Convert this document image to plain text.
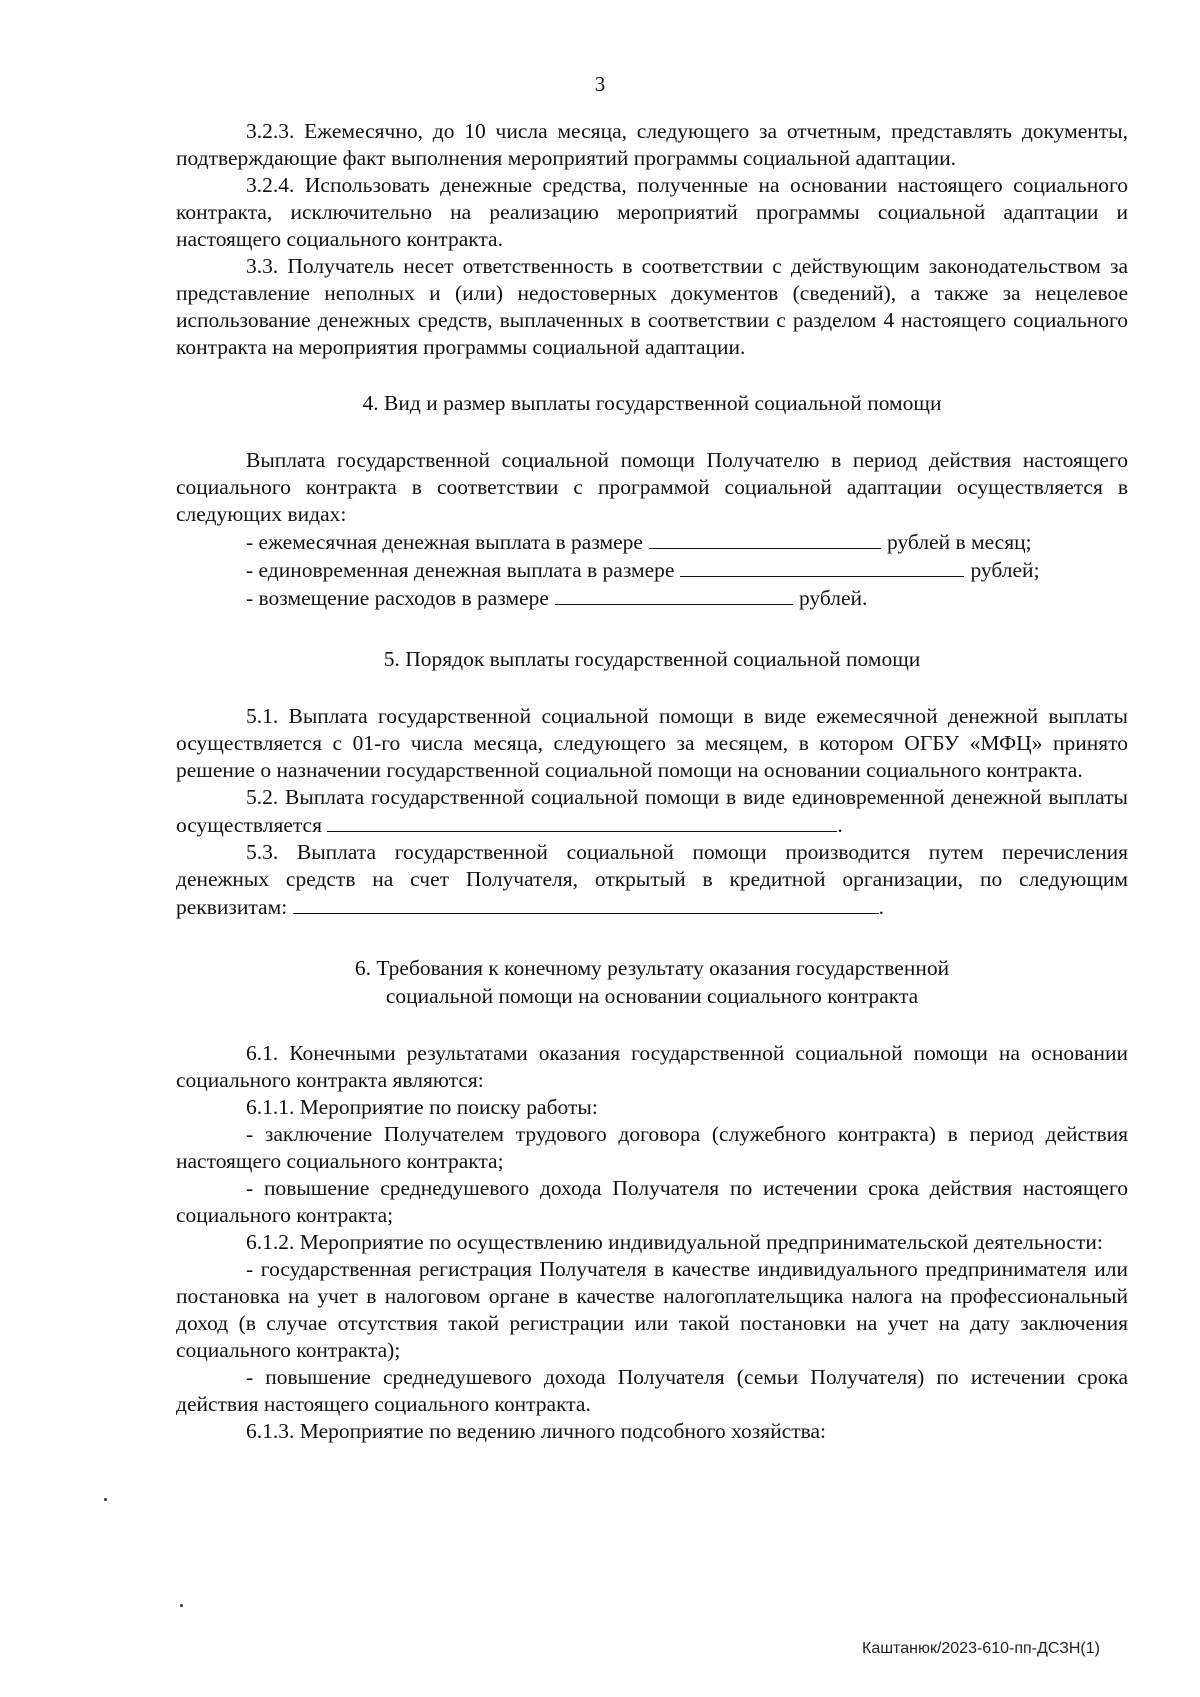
3

3.2.3. Ежемесячно, до 10 числа месяца, следующего за отчетным, представлять документы, подтверждающие факт выполнения мероприятий программы социальной адаптации.

3.2.4. Использовать денежные средства, полученные на основании настоящего социального контракта, исключительно на реализацию мероприятий программы социальной адаптации и настоящего социального контракта.

3.3. Получатель несет ответственность в соответствии с действующим законодательством за представление неполных и (или) недостоверных документов (сведений), а также за нецелевое использование денежных средств, выплаченных в соответствии с разделом 4 настоящего социального контракта на мероприятия программы социальной адаптации.

4. Вид и размер выплаты государственной социальной помощи

Выплата государственной социальной помощи Получателю в период действия настоящего социального контракта в соответствии с программой социальной адаптации осуществляется в следующих видах:

- ежемесячная денежная выплата в размере	рублей в месяц;
- единовременная денежная выплата в размере	рублей;
- возмещение расходов в размере	рублей.

5. Порядок выплаты государственной социальной помощи

5.1. Выплата государственной социальной помощи в виде ежемесячной денежной выплаты осуществляется с 01-го числа месяца, следующего за месяцем, в котором ОГБУ «МФЦ» принято решение о назначении государственной социальной помощи на основании социального контракта.

5.2. Выплата государственной социальной помощи в виде единовременной денежной выплаты осуществляется	.

5.3. Выплата государственной социальной помощи производится путем перечисления денежных средств на счет Получателя, открытый в кредитной организации, по следующим реквизитам:	.

6. Требования к конечному результату оказания государственной
социальной помощи на основании социального контракта

6.1. Конечными результатами оказания государственной социальной помощи на основании социального контракта являются:

6.1.1. Мероприятие по поиску работы:

- заключение Получателем трудового договора (служебного контракта) в период действия настоящего социального контракта;

- повышение среднедушевого дохода Получателя по истечении срока действия настоящего социального контракта;

6.1.2. Мероприятие по осуществлению индивидуальной предпринимательской деятельности:

- государственная регистрация Получателя в качестве индивидуального предпринимателя или постановка на учет в налоговом органе в качестве налогоплательщика налога на профессиональный доход (в случае отсутствия такой регистрации или такой постановки на учет на дату заключения социального контракта);

- повышение среднедушевого дохода Получателя (семьи Получателя) по истечении срока действия настоящего социального контракта.

6.1.3. Мероприятие по ведению личного подсобного хозяйства:

Каштанюк/2023-610-пп-ДСЗН(1)
